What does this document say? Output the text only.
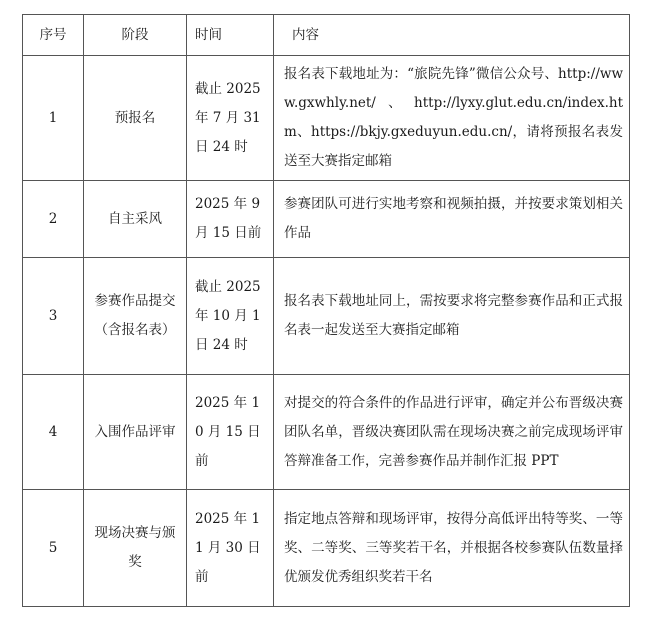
序号	阶段	时间	内容
1	预报名	截止 2025 年 7 月 31 日 24 时	报名表下载地址为：“旅院先锋”微信公众号、http://www.gxwhly.net/、http://lyxy.glut.edu.cn/index.htm、https://bkjy.gxeduyun.edu.cn/，请将预报名表发送至大赛指定邮箱
2	自主采风	2025 年 9 月 15 日前	参赛团队可进行实地考察和视频拍摄，并按要求策划相关作品
3	参赛作品提交（含报名表）	截止 2025 年 10 月 1 日 24 时	报名表下载地址同上，需按要求将完整参赛作品和正式报名表一起发送至大赛指定邮箱
4	入围作品评审	2025 年 10 月 15 日前	对提交的符合条件的作品进行评审，确定并公布晋级决赛团队名单，晋级决赛团队需在现场决赛之前完成现场评审答辩准备工作，完善参赛作品并制作汇报 PPT
5	现场决赛与颁奖	2025 年 11 月 30 日前	指定地点答辩和现场评审，按得分高低评出特等奖、一等奖、二等奖、三等奖若干名，并根据各校参赛队伍数量择优颁发优秀组织奖若干名
